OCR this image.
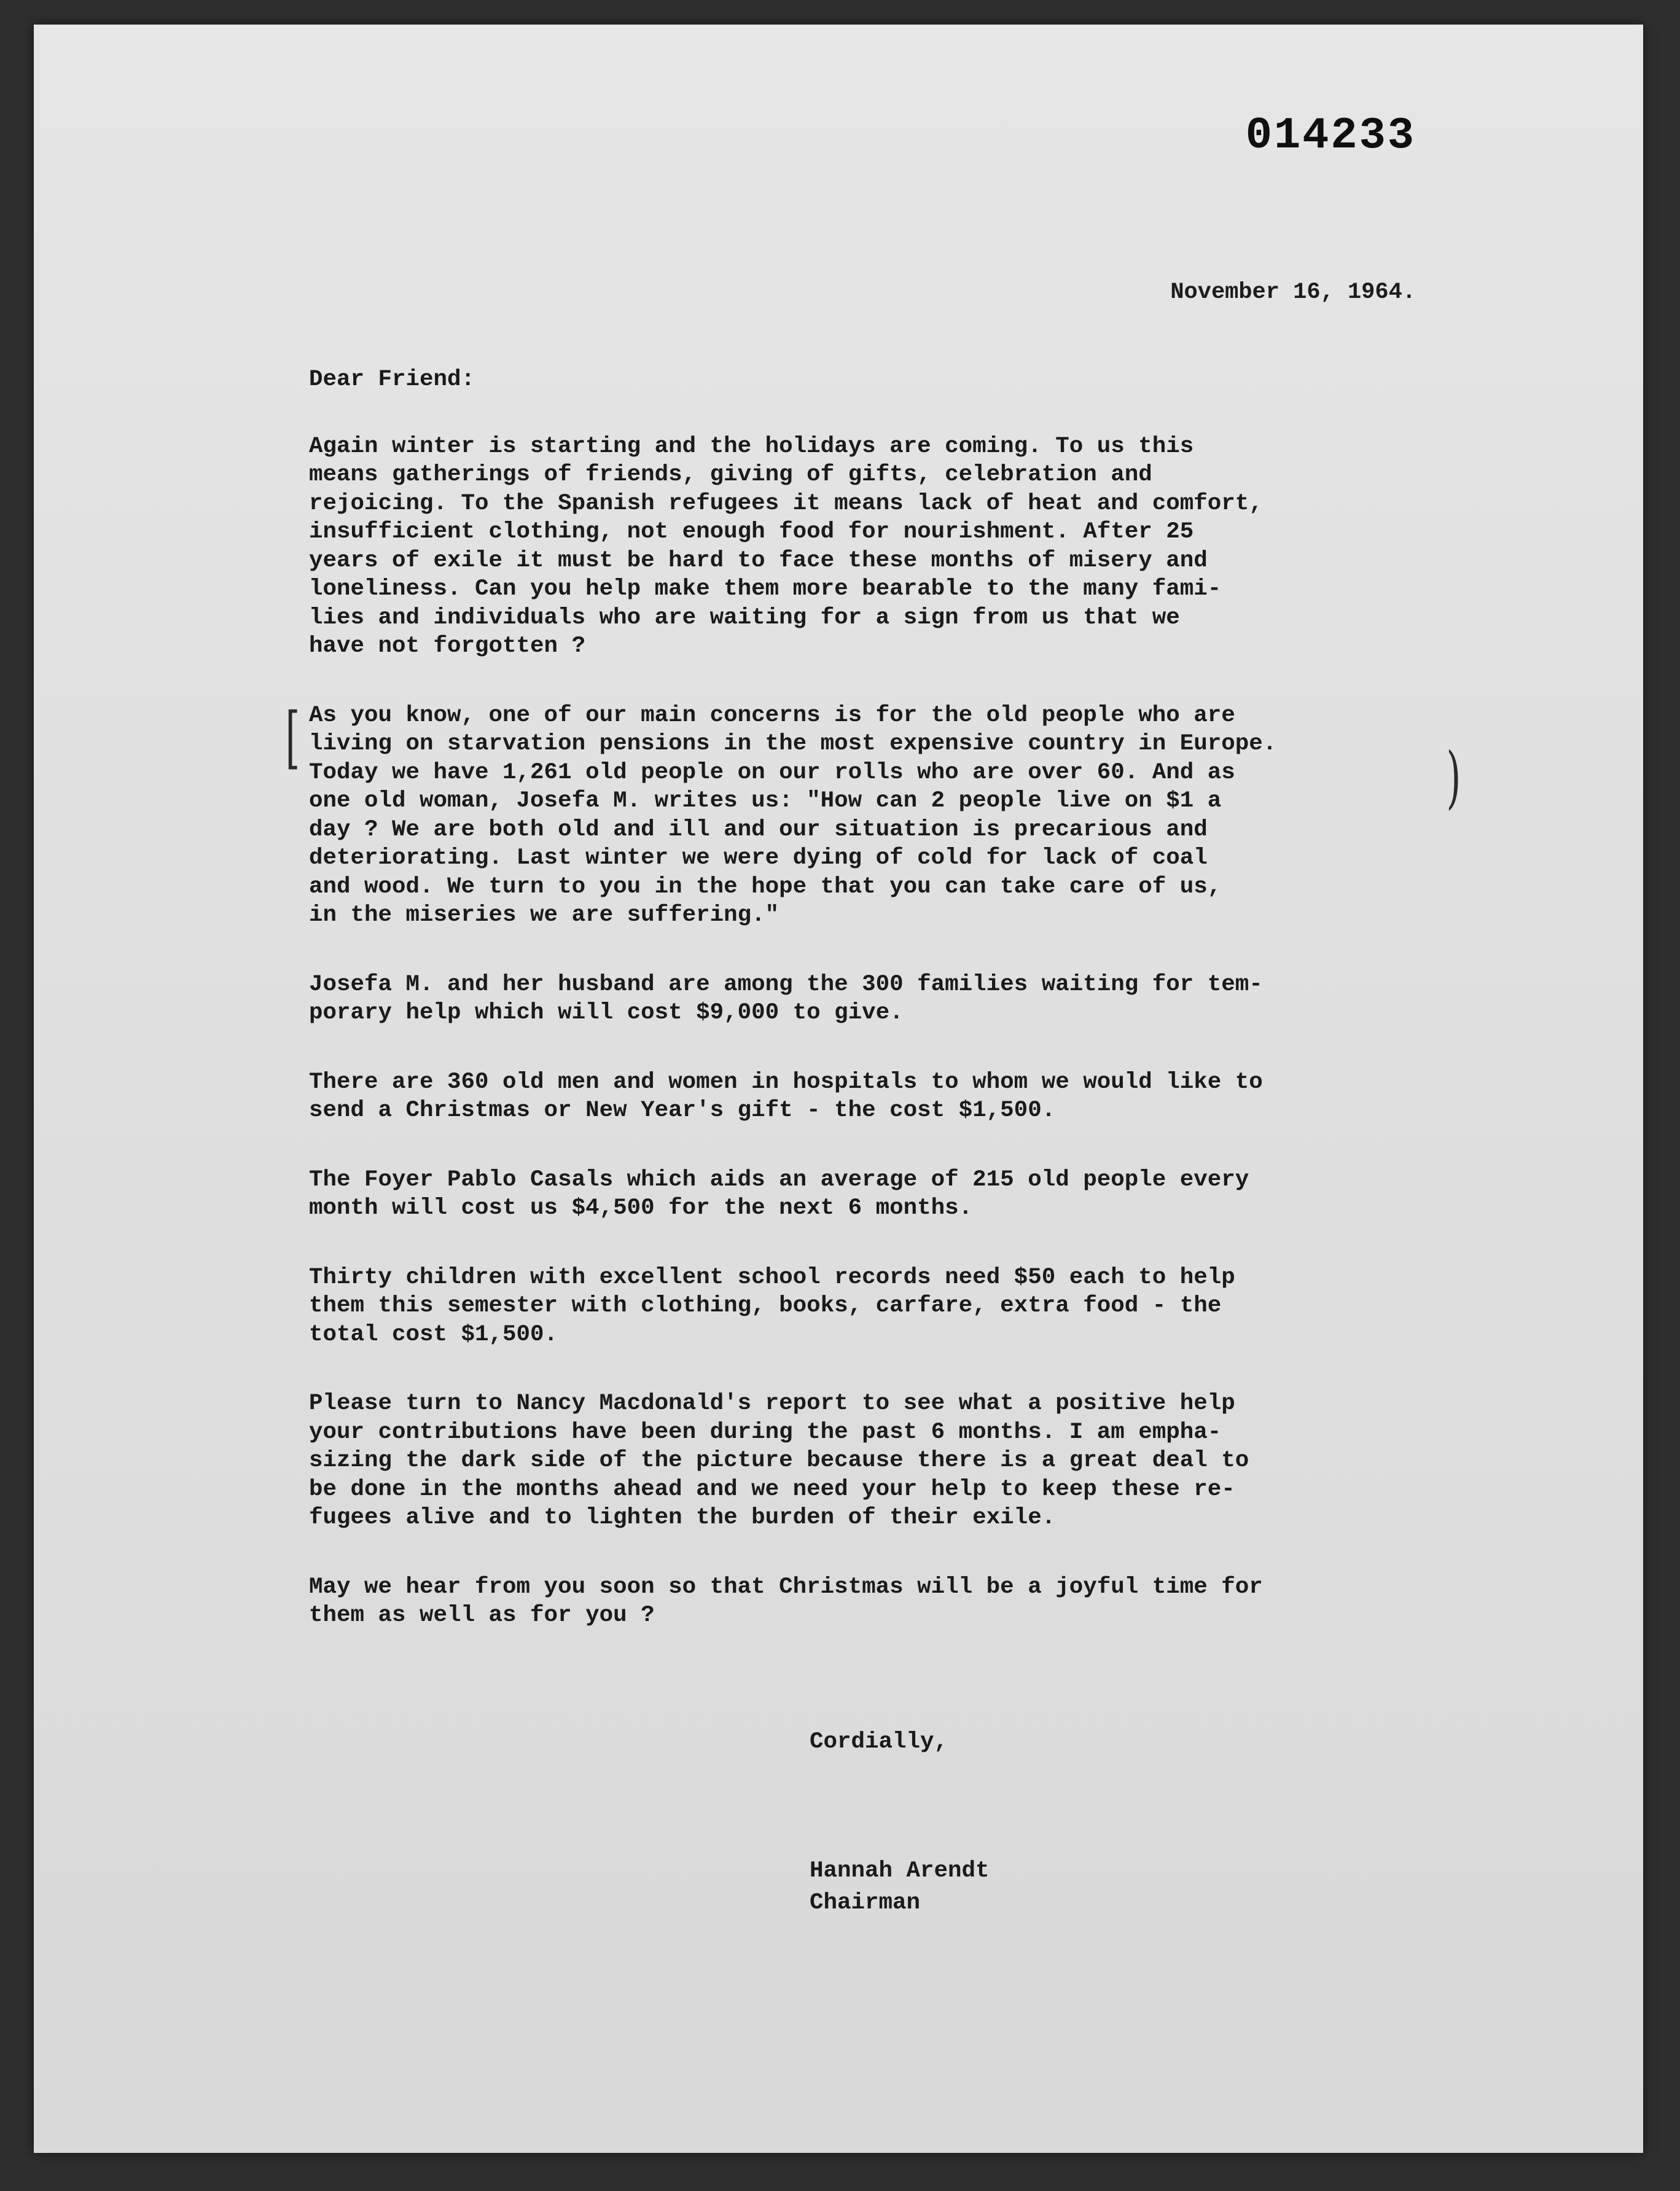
014233
November 16, 1964.

Dear Friend:

Again winter is starting and the holidays are coming. To us this
means gatherings of friends, giving of gifts, celebration and
rejoicing. To the Spanish refugees it means lack of heat and comfort,
insufficient clothing, not enough food for nourishment. After 25
years of exile it must be hard to face these months of misery and
loneliness. Can you help make them more bearable to the many fami-
lies and individuals who are waiting for a sign from us that we
have not forgotten ?

As you know, one of our main concerns is for the old people who are
living on starvation pensions in the most expensive country in Europe.
Today we have 1,261 old people on our rolls who are over 60. And as
one old woman, Josefa M. writes us: "How can 2 people live on $1 a
day ? We are both old and ill and our situation is precarious and
deteriorating. Last winter we were dying of cold for lack of coal
and wood. We turn to you in the hope that you can take care of us,
in the miseries we are suffering."

Josefa M. and her husband are among the 300 families waiting for tem-
porary help which will cost $9,000 to give.

There are 360 old men and women in hospitals to whom we would like to
send a Christmas or New Year's gift - the cost $1,500.

The Foyer Pablo Casals which aids an average of 215 old people every
month will cost us $4,500 for the next 6 months.

Thirty children with excellent school records need $50 each to help
them this semester with clothing, books, carfare, extra food - the
total cost $1,500.

Please turn to Nancy Macdonald's report to see what a positive help
your contributions have been during the past 6 months. I am empha-
sizing the dark side of the picture because there is a great deal to
be done in the months ahead and we need your help to keep these re-
fugees alive and to lighten the burden of their exile.

May we hear from you soon so that Christmas will be a joyful time for
them as well as for you ?

[
)
Cordially,
Hannah Arendt
Chairman
